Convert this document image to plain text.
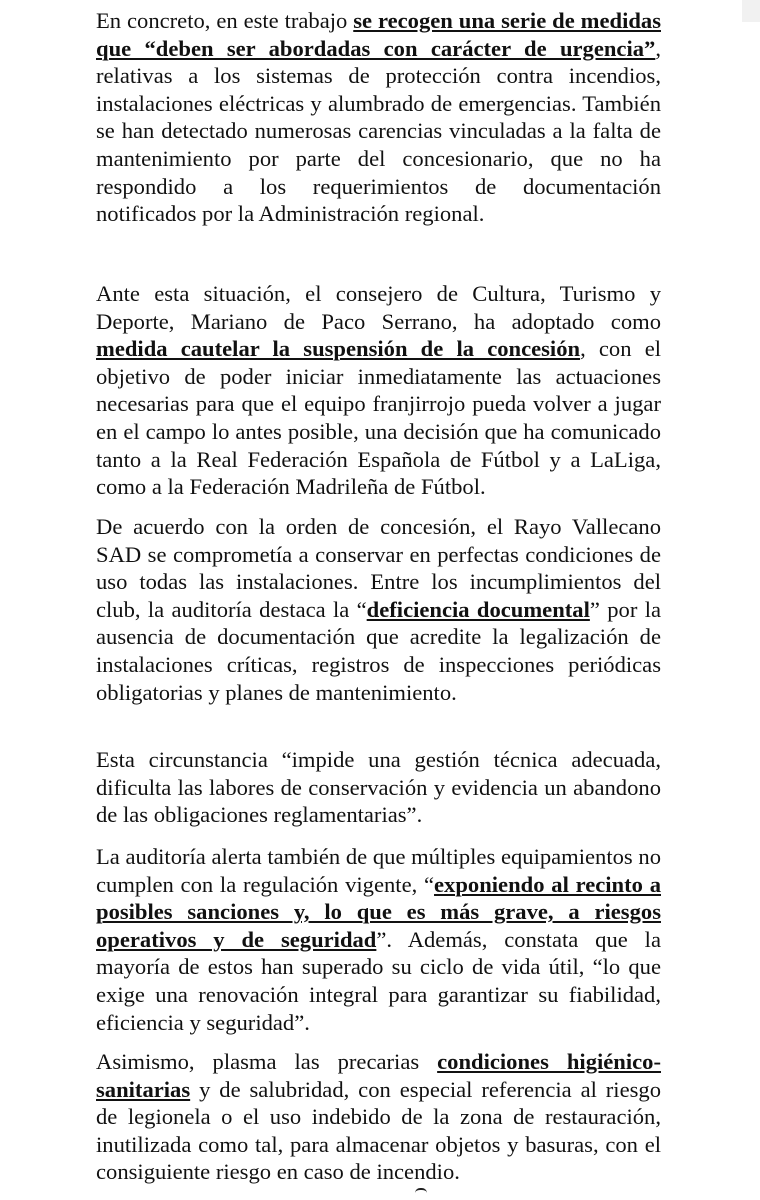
En concreto, en este trabajo se recogen una serie de medidas que “deben ser abordadas con carácter de urgencia”, relativas a los sistemas de protección contra incendios, instalaciones eléctricas y alumbrado de emergencias. También se han detectado numerosas carencias vinculadas a la falta de mantenimiento por parte del concesionario, que no ha respondido a los requerimientos de documentación notificados por la Administración regional.

Ante esta situación, el consejero de Cultura, Turismo y Deporte, Mariano de Paco Serrano, ha adoptado como medida cautelar la suspensión de la concesión, con el objetivo de poder iniciar inmediatamente las actuaciones necesarias para que el equipo franjirrojo pueda volver a jugar en el campo lo antes posible, una decisión que ha comunicado tanto a la Real Federación Española de Fútbol y a LaLiga, como a la Federación Madrileña de Fútbol.

De acuerdo con la orden de concesión, el Rayo Vallecano SAD se comprometía a conservar en perfectas condiciones de uso todas las instalaciones. Entre los incumplimientos del club, la auditoría destaca la “deficiencia documental” por la ausencia de documentación que acredite la legalización de instalaciones críticas, registros de inspecciones periódicas obligatorias y planes de mantenimiento.

Esta circunstancia “impide una gestión técnica adecuada, dificulta las labores de conservación y evidencia un abandono de las obligaciones reglamentarias”.

La auditoría alerta también de que múltiples equipamientos no cumplen con la regulación vigente, “exponiendo al recinto a posibles sanciones y, lo que es más grave, a riesgos operativos y de seguridad”. Además, constata que la mayoría de estos han superado su ciclo de vida útil, “lo que exige una renovación integral para garantizar su fiabilidad, eficiencia y seguridad”.

Asimismo, plasma las precarias condiciones higiénico-sanitarias y de salubridad, con especial referencia al riesgo de legionela o el uso indebido de la zona de restauración, inutilizada como tal, para almacenar objetos y basuras, con el consiguiente riesgo en caso de incendio.
